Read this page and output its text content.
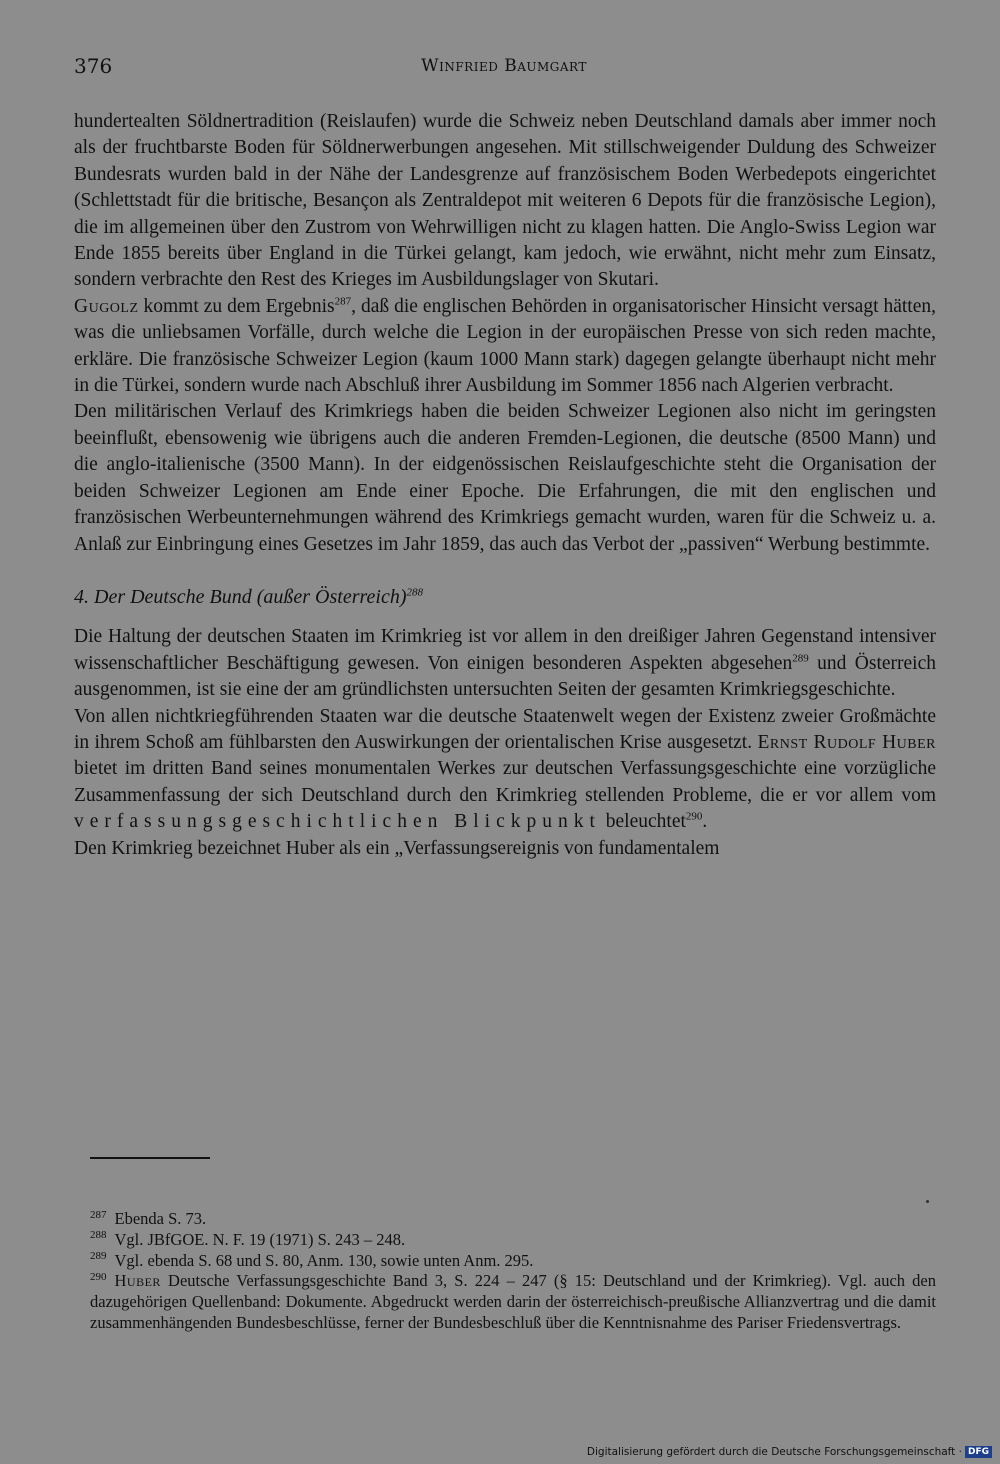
376	Winfried Baumgart

hundertealten Söldnertradition (Reislaufen) wurde die Schweiz neben Deutschland damals aber immer noch als der fruchtbarste Boden für Söldnerwerbungen angesehen. Mit stillschweigender Duldung des Schweizer Bundesrats wurden bald in der Nähe der Landesgrenze auf französischem Boden Werbedepots eingerichtet (Schlettstadt für die britische, Besançon als Zentraldepot mit weiteren 6 Depots für die französische Legion), die im allgemeinen über den Zustrom von Wehrwilligen nicht zu klagen hatten. Die Anglo-Swiss Legion war Ende 1855 bereits über England in die Türkei gelangt, kam jedoch, wie erwähnt, nicht mehr zum Einsatz, sondern verbrachte den Rest des Krieges im Ausbildungslager von Skutari.

Gugolz kommt zu dem Ergebnis$^{287}$, daß die englischen Behörden in organisatorischer Hinsicht versagt hätten, was die unliebsamen Vorfälle, durch welche die Legion in der europäischen Presse von sich reden machte, erkläre. Die französische Schweizer Legion (kaum 1000 Mann stark) dagegen gelangte überhaupt nicht mehr in die Türkei, sondern wurde nach Abschluß ihrer Ausbildung im Sommer 1856 nach Algerien verbracht.

Den militärischen Verlauf des Krimkriegs haben die beiden Schweizer Legionen also nicht im geringsten beeinflußt, ebensowenig wie übrigens auch die anderen Fremden-Legionen, die deutsche (8500 Mann) und die anglo-italienische (3500 Mann). In der eidgenössischen Reislaufgeschichte steht die Organisation der beiden Schweizer Legionen am Ende einer Epoche. Die Erfahrungen, die mit den englischen und französischen Werbeunternehmungen während des Krimkriegs gemacht wurden, waren für die Schweiz u. a. Anlaß zur Einbringung eines Gesetzes im Jahr 1859, das auch das Verbot der „passiven“ Werbung bestimmte.

4. Der Deutsche Bund (außer Österreich)$^{288}$

Die Haltung der deutschen Staaten im Krimkrieg ist vor allem in den dreißiger Jahren Gegenstand intensiver wissenschaftlicher Beschäftigung gewesen. Von einigen besonderen Aspekten abgesehen$^{289}$ und Österreich ausgenommen, ist sie eine der am gründlichsten untersuchten Seiten der gesamten Krimkriegsgeschichte.

Von allen nichtkriegführenden Staaten war die deutsche Staatenwelt wegen der Existenz zweier Großmächte in ihrem Schoß am fühlbarsten den Auswirkungen der orientalischen Krise ausgesetzt. Ernst Rudolf Huber bietet im dritten Band seines monumentalen Werkes zur deutschen Verfassungsgeschichte eine vorzügliche Zusammenfassung der sich Deutschland durch den Krimkrieg stellenden Probleme, die er vor allem vom verfassungsgeschichtlichen Blickpunkt beleuchtet$^{290}$.

Den Krimkrieg bezeichnet Huber als ein „Verfassungsereignis von fundamentalem

$^{287}$ Ebenda S. 73.

$^{288}$ Vgl. JBfGOE. N. F. 19 (1971) S. 243 – 248.

$^{289}$ Vgl. ebenda S. 68 und S. 80, Anm. 130, sowie unten Anm. 295.

$^{290}$ Huber Deutsche Verfassungsgeschichte Band 3, S. 224 – 247 (§ 15: Deutschland und der Krimkrieg). Vgl. auch den dazugehörigen Quellenband: Dokumente. Abgedruckt werden darin der österreichisch-preußische Allianzvertrag und die damit zusammenhängenden Bundesbeschlüsse, ferner der Bundesbeschluß über die Kenntnisnahme des Pariser Friedensvertrags.

Digitalisierung gefördert durch die Deutsche Forschungsgemeinschaft · DFG
